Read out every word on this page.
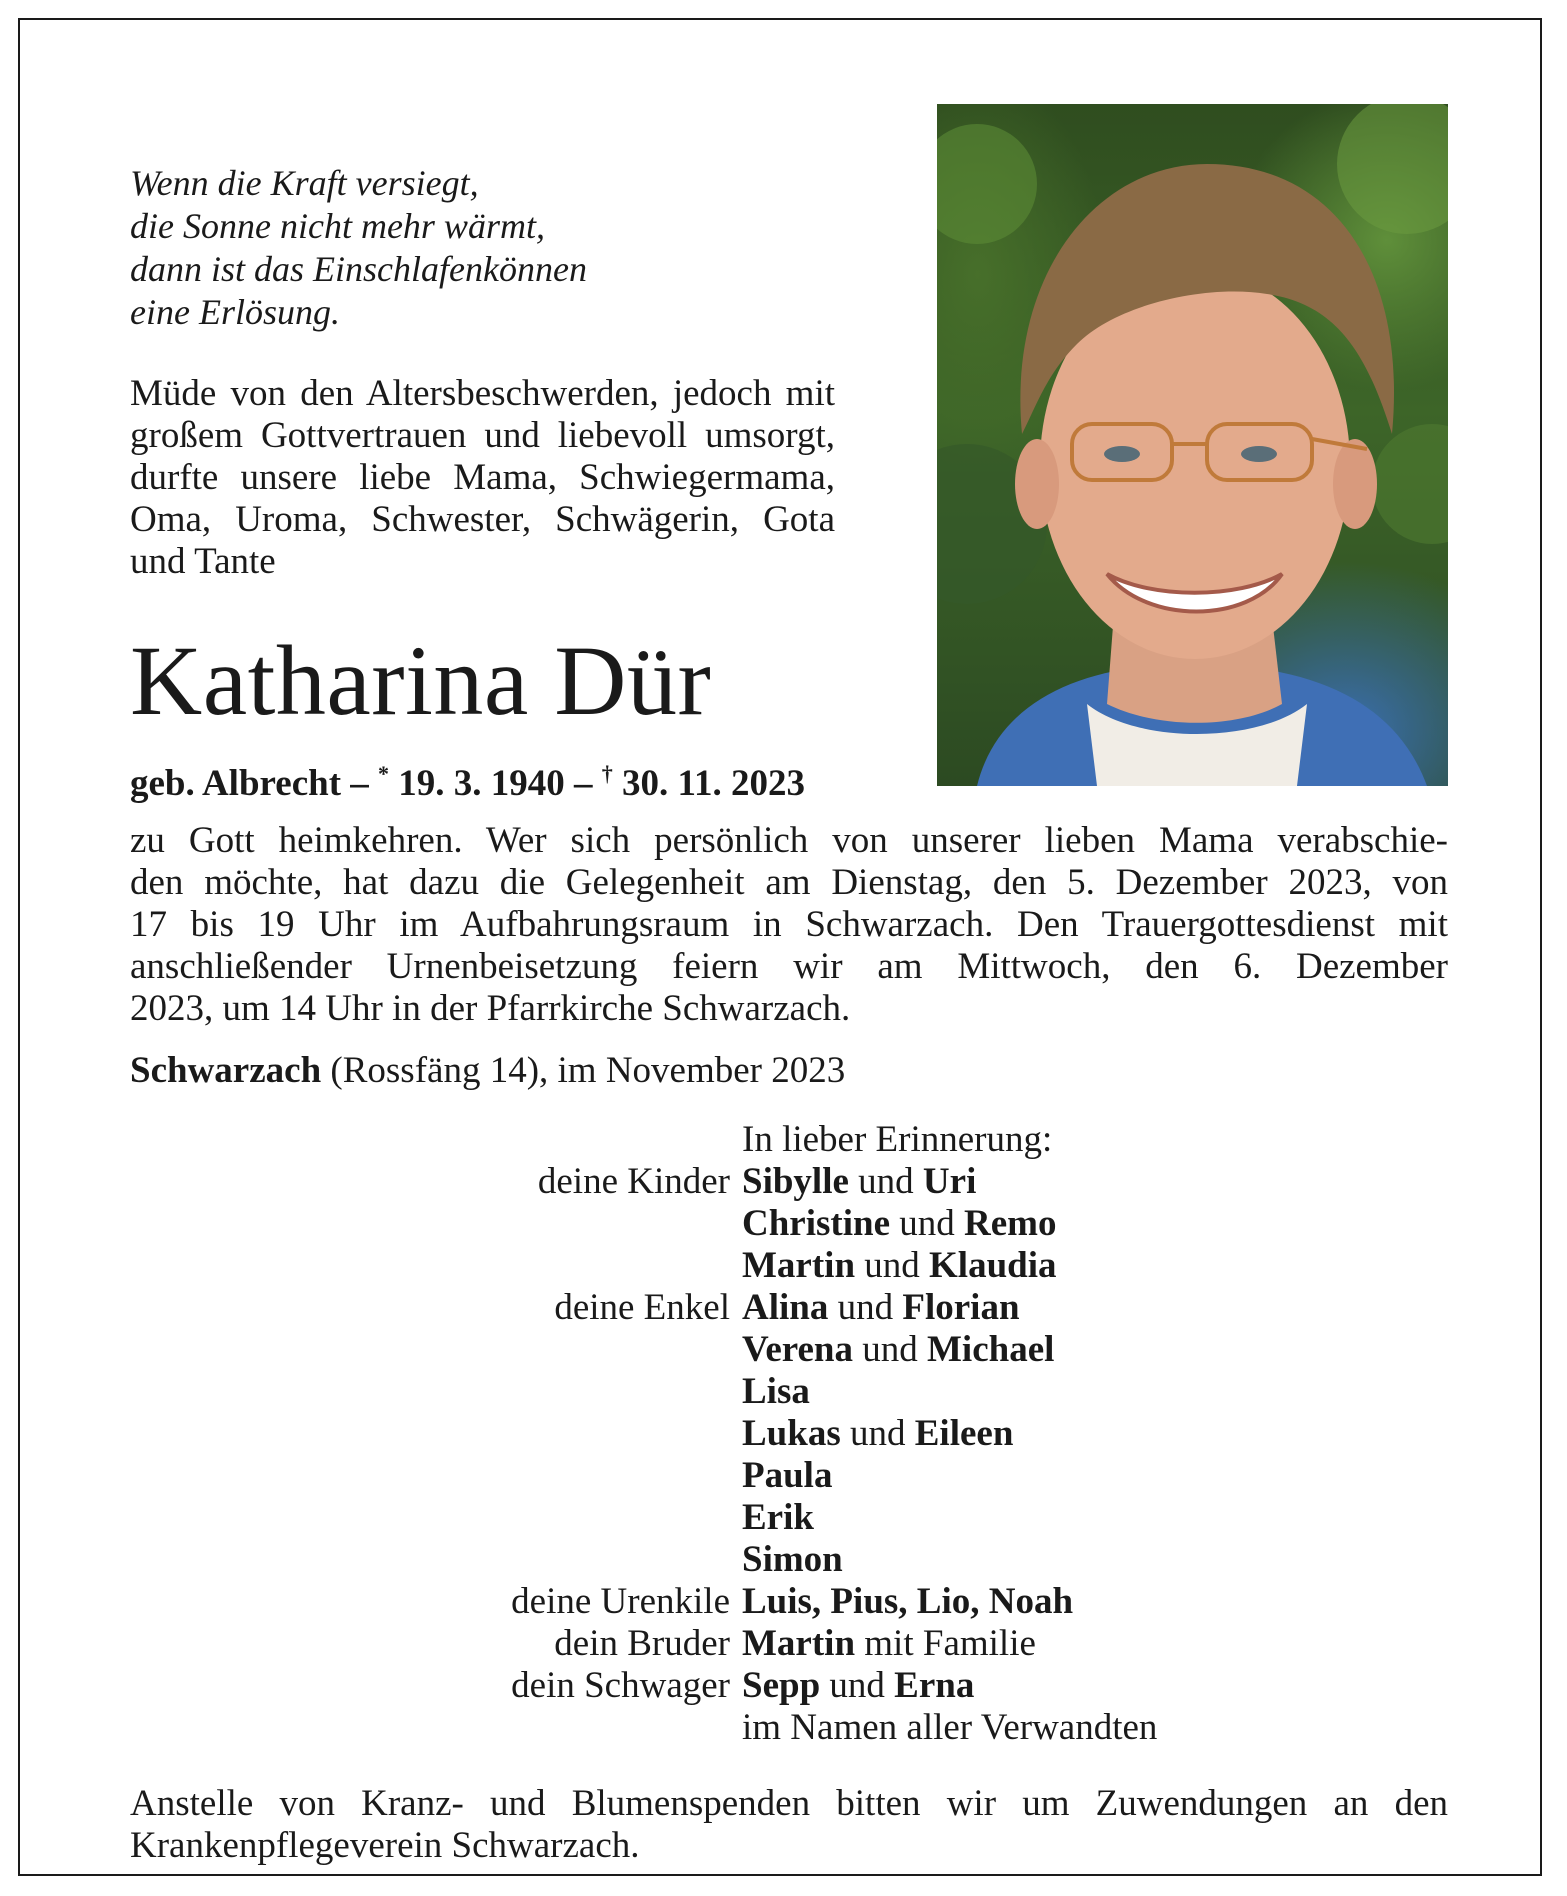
Wenn die Kraft versiegt,
die Sonne nicht mehr wärmt,
dann ist das Einschlafenkönnen
eine Erlösung.
Müde von den Altersbeschwerden, jedoch mit großem Gottvertrauen und liebevoll umsorgt, durfte unsere liebe Mama, Schwiegermama, Oma, Uroma, Schwester, Schwägerin, Gota und Tante
Katharina Dür
geb. Albrecht – * 19. 3. 1940 – † 30. 11. 2023
zu Gott heimkehren. Wer sich persönlich von unserer lieben Mama verabschie-
den möchte, hat dazu die Gelegenheit am Dienstag, den 5. Dezember 2023, von
17 bis 19 Uhr im Aufbahrungsraum in Schwarzach. Den Trauergottesdienst mit
anschließender Urnenbeisetzung feiern wir am Mittwoch, den 6. Dezember
2023, um 14 Uhr in der Pfarrkirche Schwarzach.
Schwarzach (Rossfäng 14), im November 2023
In lieber Erinnerung:
deine Kinder Sibylle und Uri
Christine und Remo
Martin und Klaudia
deine Enkel Alina und Florian
Verena und Michael
Lisa
Lukas und Eileen
Paula
Erik
Simon
deine Urenkile Luis, Pius, Lio, Noah
dein Bruder Martin mit Familie
dein Schwager Sepp und Erna
im Namen aller Verwandten
Anstelle von Kranz- und Blumenspenden bitten wir um Zuwendungen an den
Krankenpflegeverein Schwarzach.
